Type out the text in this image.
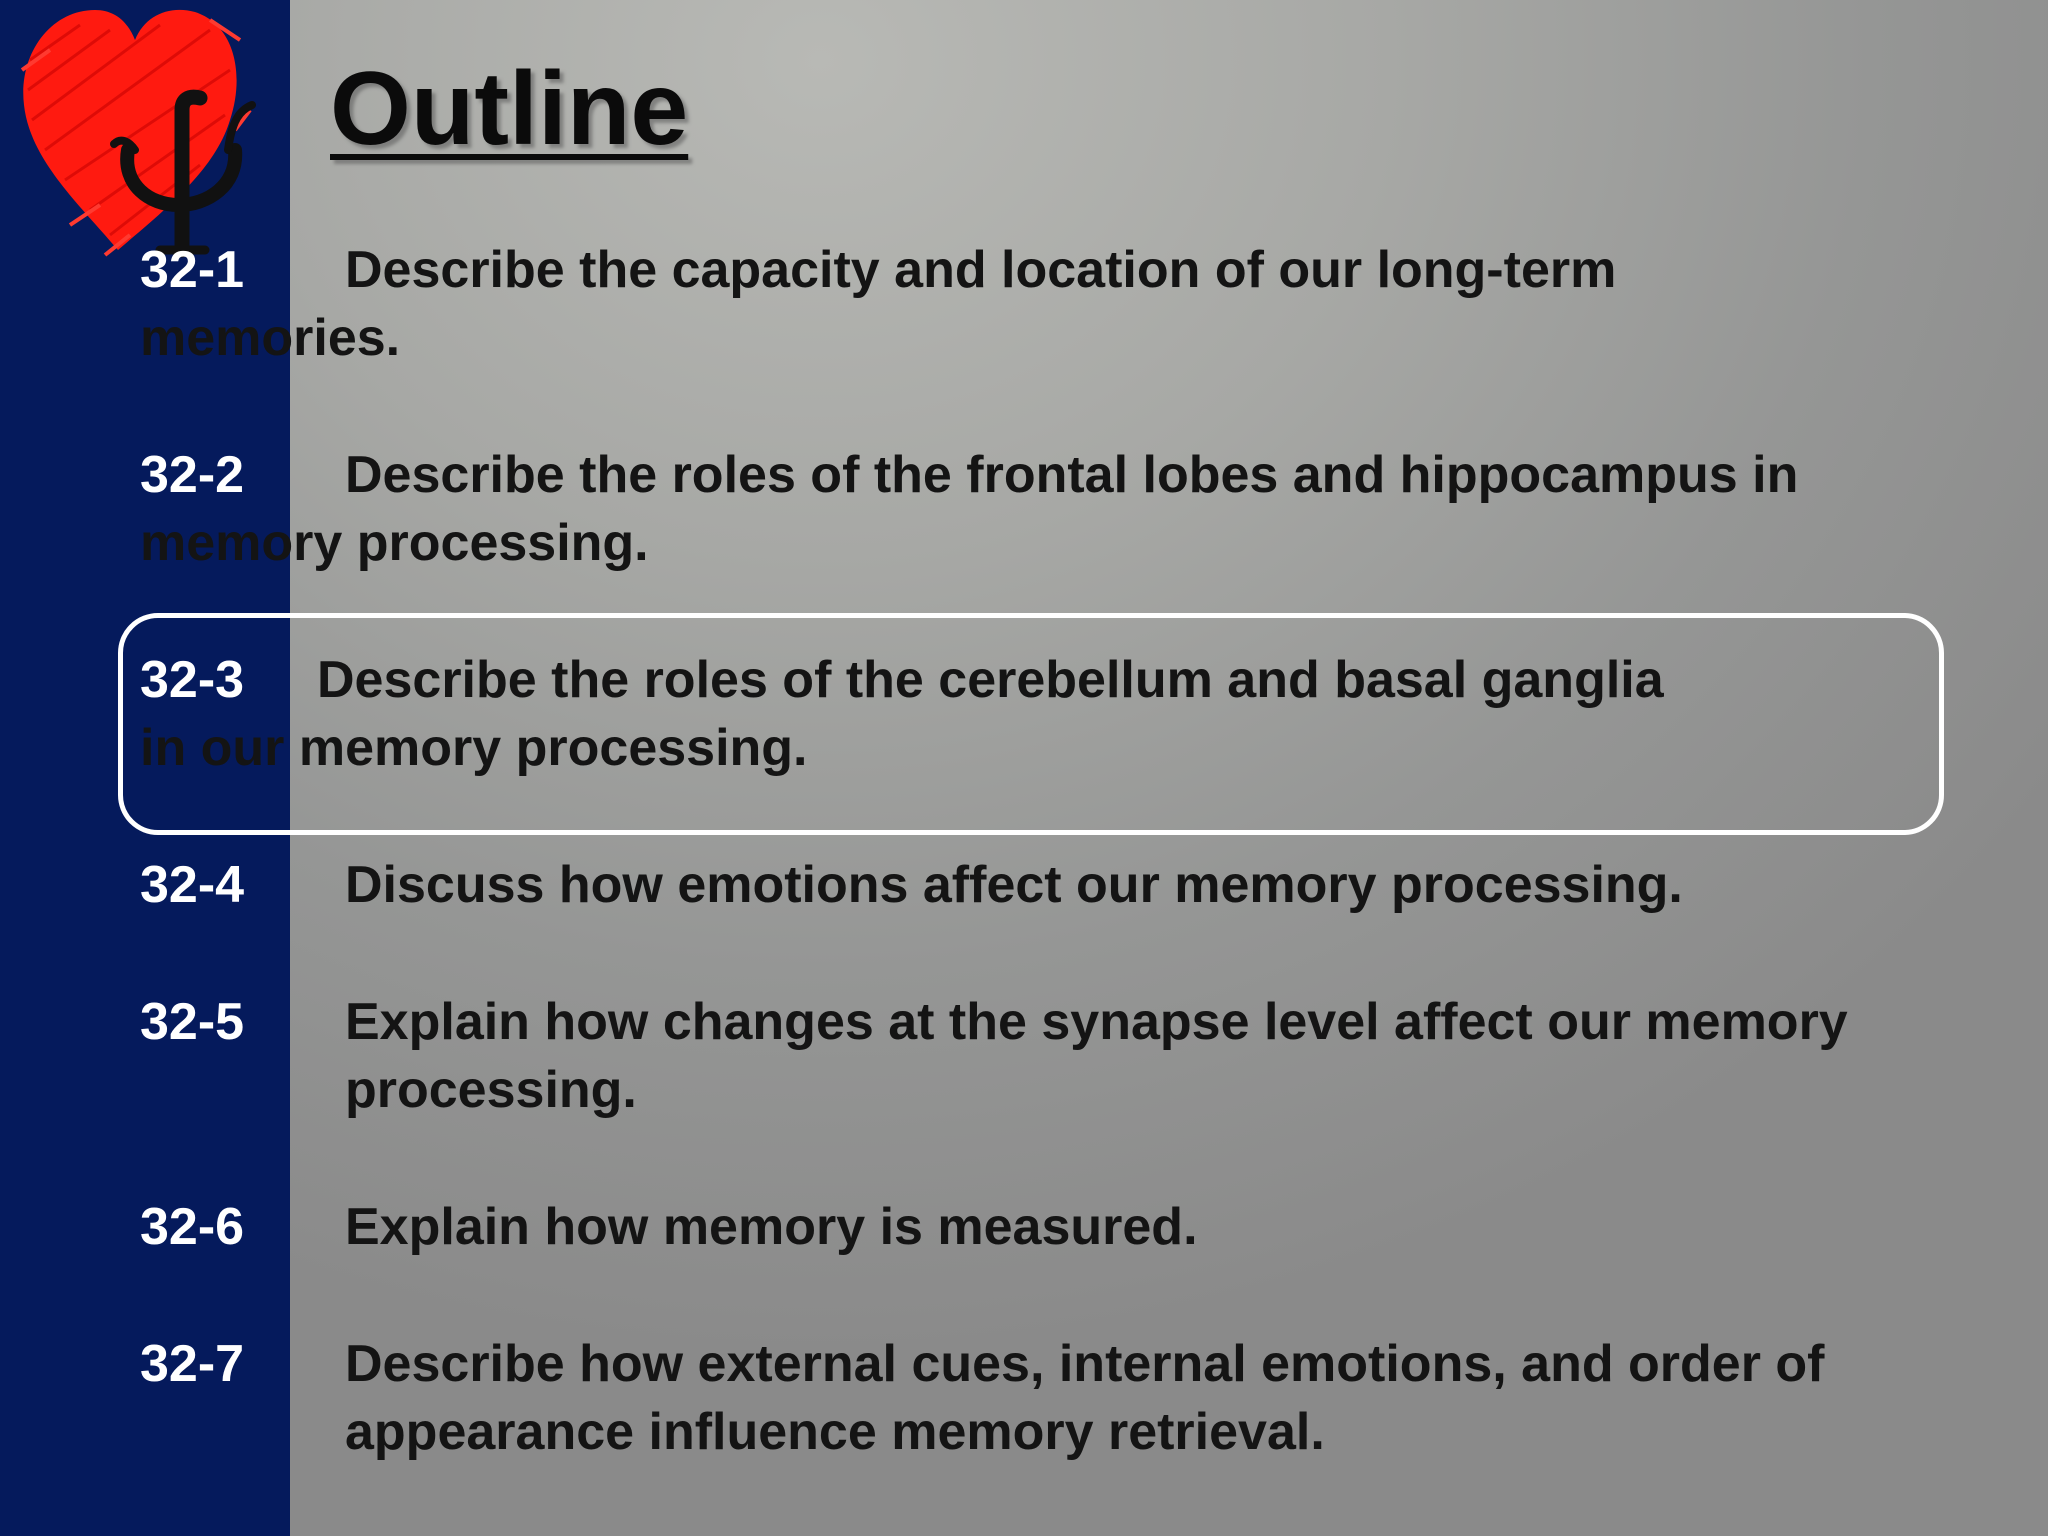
Outline
32-1 Describe the capacity and location of our long-term
memories.
32-2 Describe the roles of the frontal lobes and hippocampus in
memory processing.
32-3 Describe the roles of the cerebellum and basal ganglia
in our memory processing.
32-4 Discuss how emotions affect our memory processing.
32-5 Explain how changes at the synapse level affect our memory
processing.
32-6 Explain how memory is measured.
32-7 Describe how external cues, internal emotions, and order of
appearance influence memory retrieval.
